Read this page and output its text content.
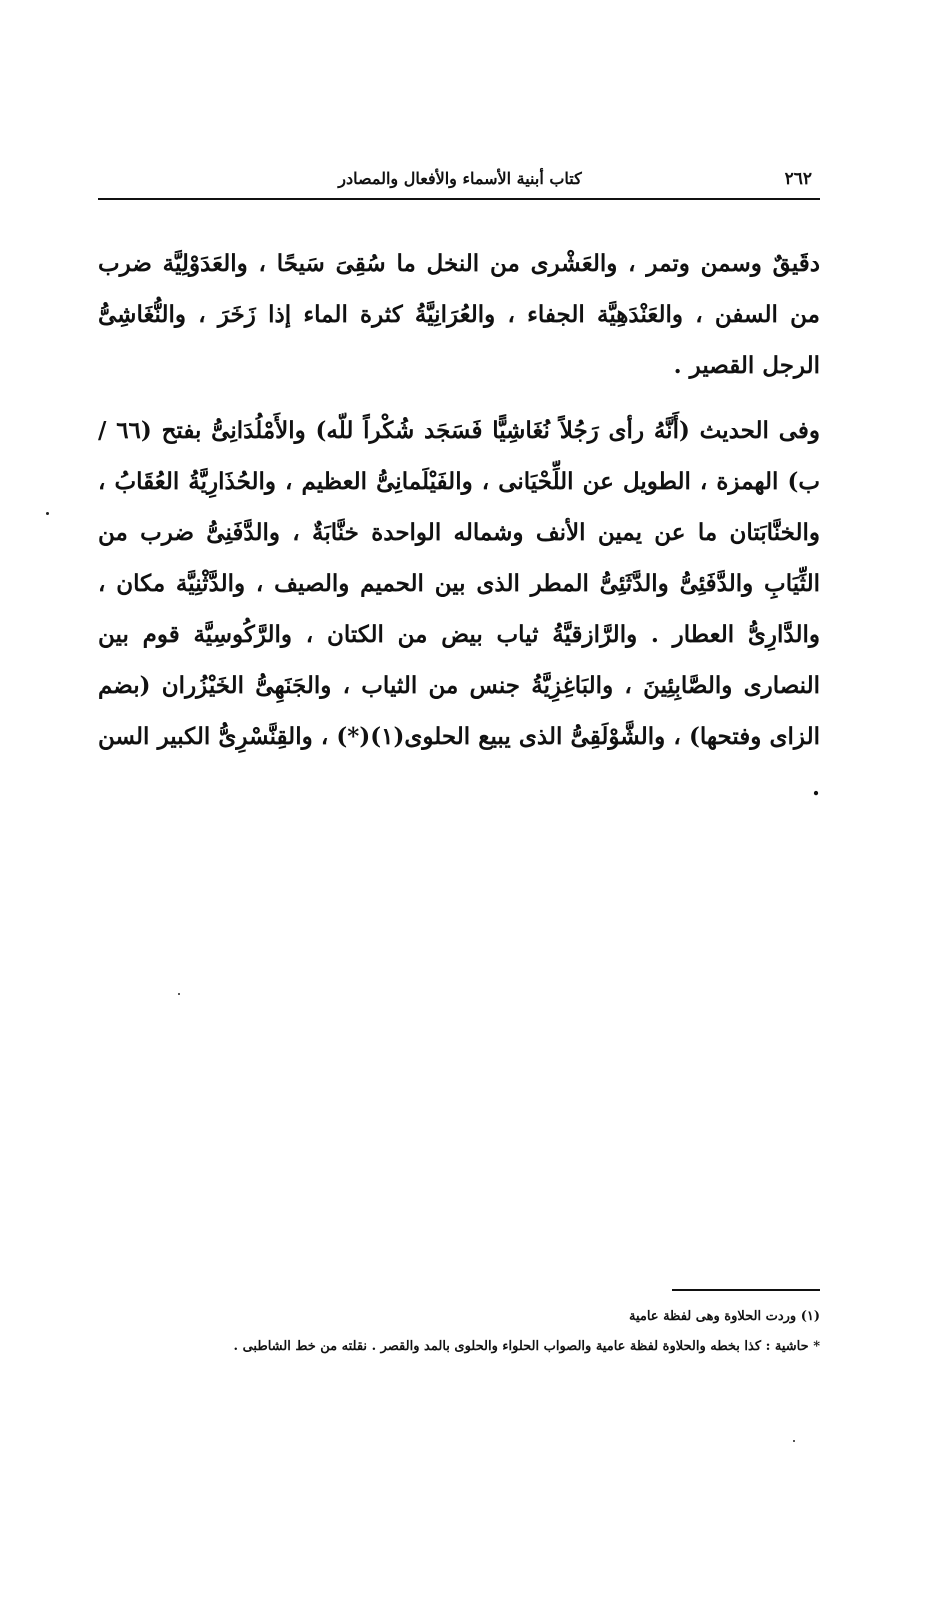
٢٦٢
كتاب أبنية الأسماء والأفعال والمصادر

دقَيقٌ وسمن وتمر ، والعَشْرى من النخل ما سُقِىَ سَيحًا ، والعَدَوْلِيَّة ضرب من السفن ، والعَنْدَهِيَّة الجفاء ، والعُرَانِيَّةُ كثرة الماء إذا زَخَرَ ، والنُّغَاشِىُّ الرجل القصير .

وفى الحديث (أَنَّهُ رأى رَجُلاً نُغَاشِيًّا فَسَجَد شُكْراً للّه) والأَمْلُدَانِىُّ بفتح (٦٦ / ب) الهمزة ، الطويل عن اللِّحْيَانى ، والفَيْلَمانِىُّ العظيم ، والحُذَارِيَّةُ العُقَابُ ، والخنَّابَتان ما عن يمين الأنف وشماله الواحدة خنَّابَةٌ ، والدَّفَنِىُّ ضرب من الثِّيَابِ والدَّفَئِىُّ والدَّثَئِىُّ المطر الذى بين الحميم والصيف ، والدَّثْنِيَّة مكان ، والدَّارِىُّ العطار . والرَّازقيَّةُ ثياب بيض من الكتان ، والرَّكُوسِيَّة قوم بين النصارى والصَّابِئِينَ ، والبَاغِزِيَّةُ جنس من الثياب ، والجَنَهِىُّ الخَيْزُران (بضم الزاى وفتحها) ، والشَّوْلَقِىُّ الذى يبيع الحلوى(١)(*) ، والقِنَّسْرِىُّ الكبير السن .

(١) وردت الحلاوة وهى لفظة عامية
* حاشية : كذا بخطه والحلاوة لفظة عامية والصواب الحلواء والحلوى بالمد والقصر . نقلته من خط الشاطبى .
